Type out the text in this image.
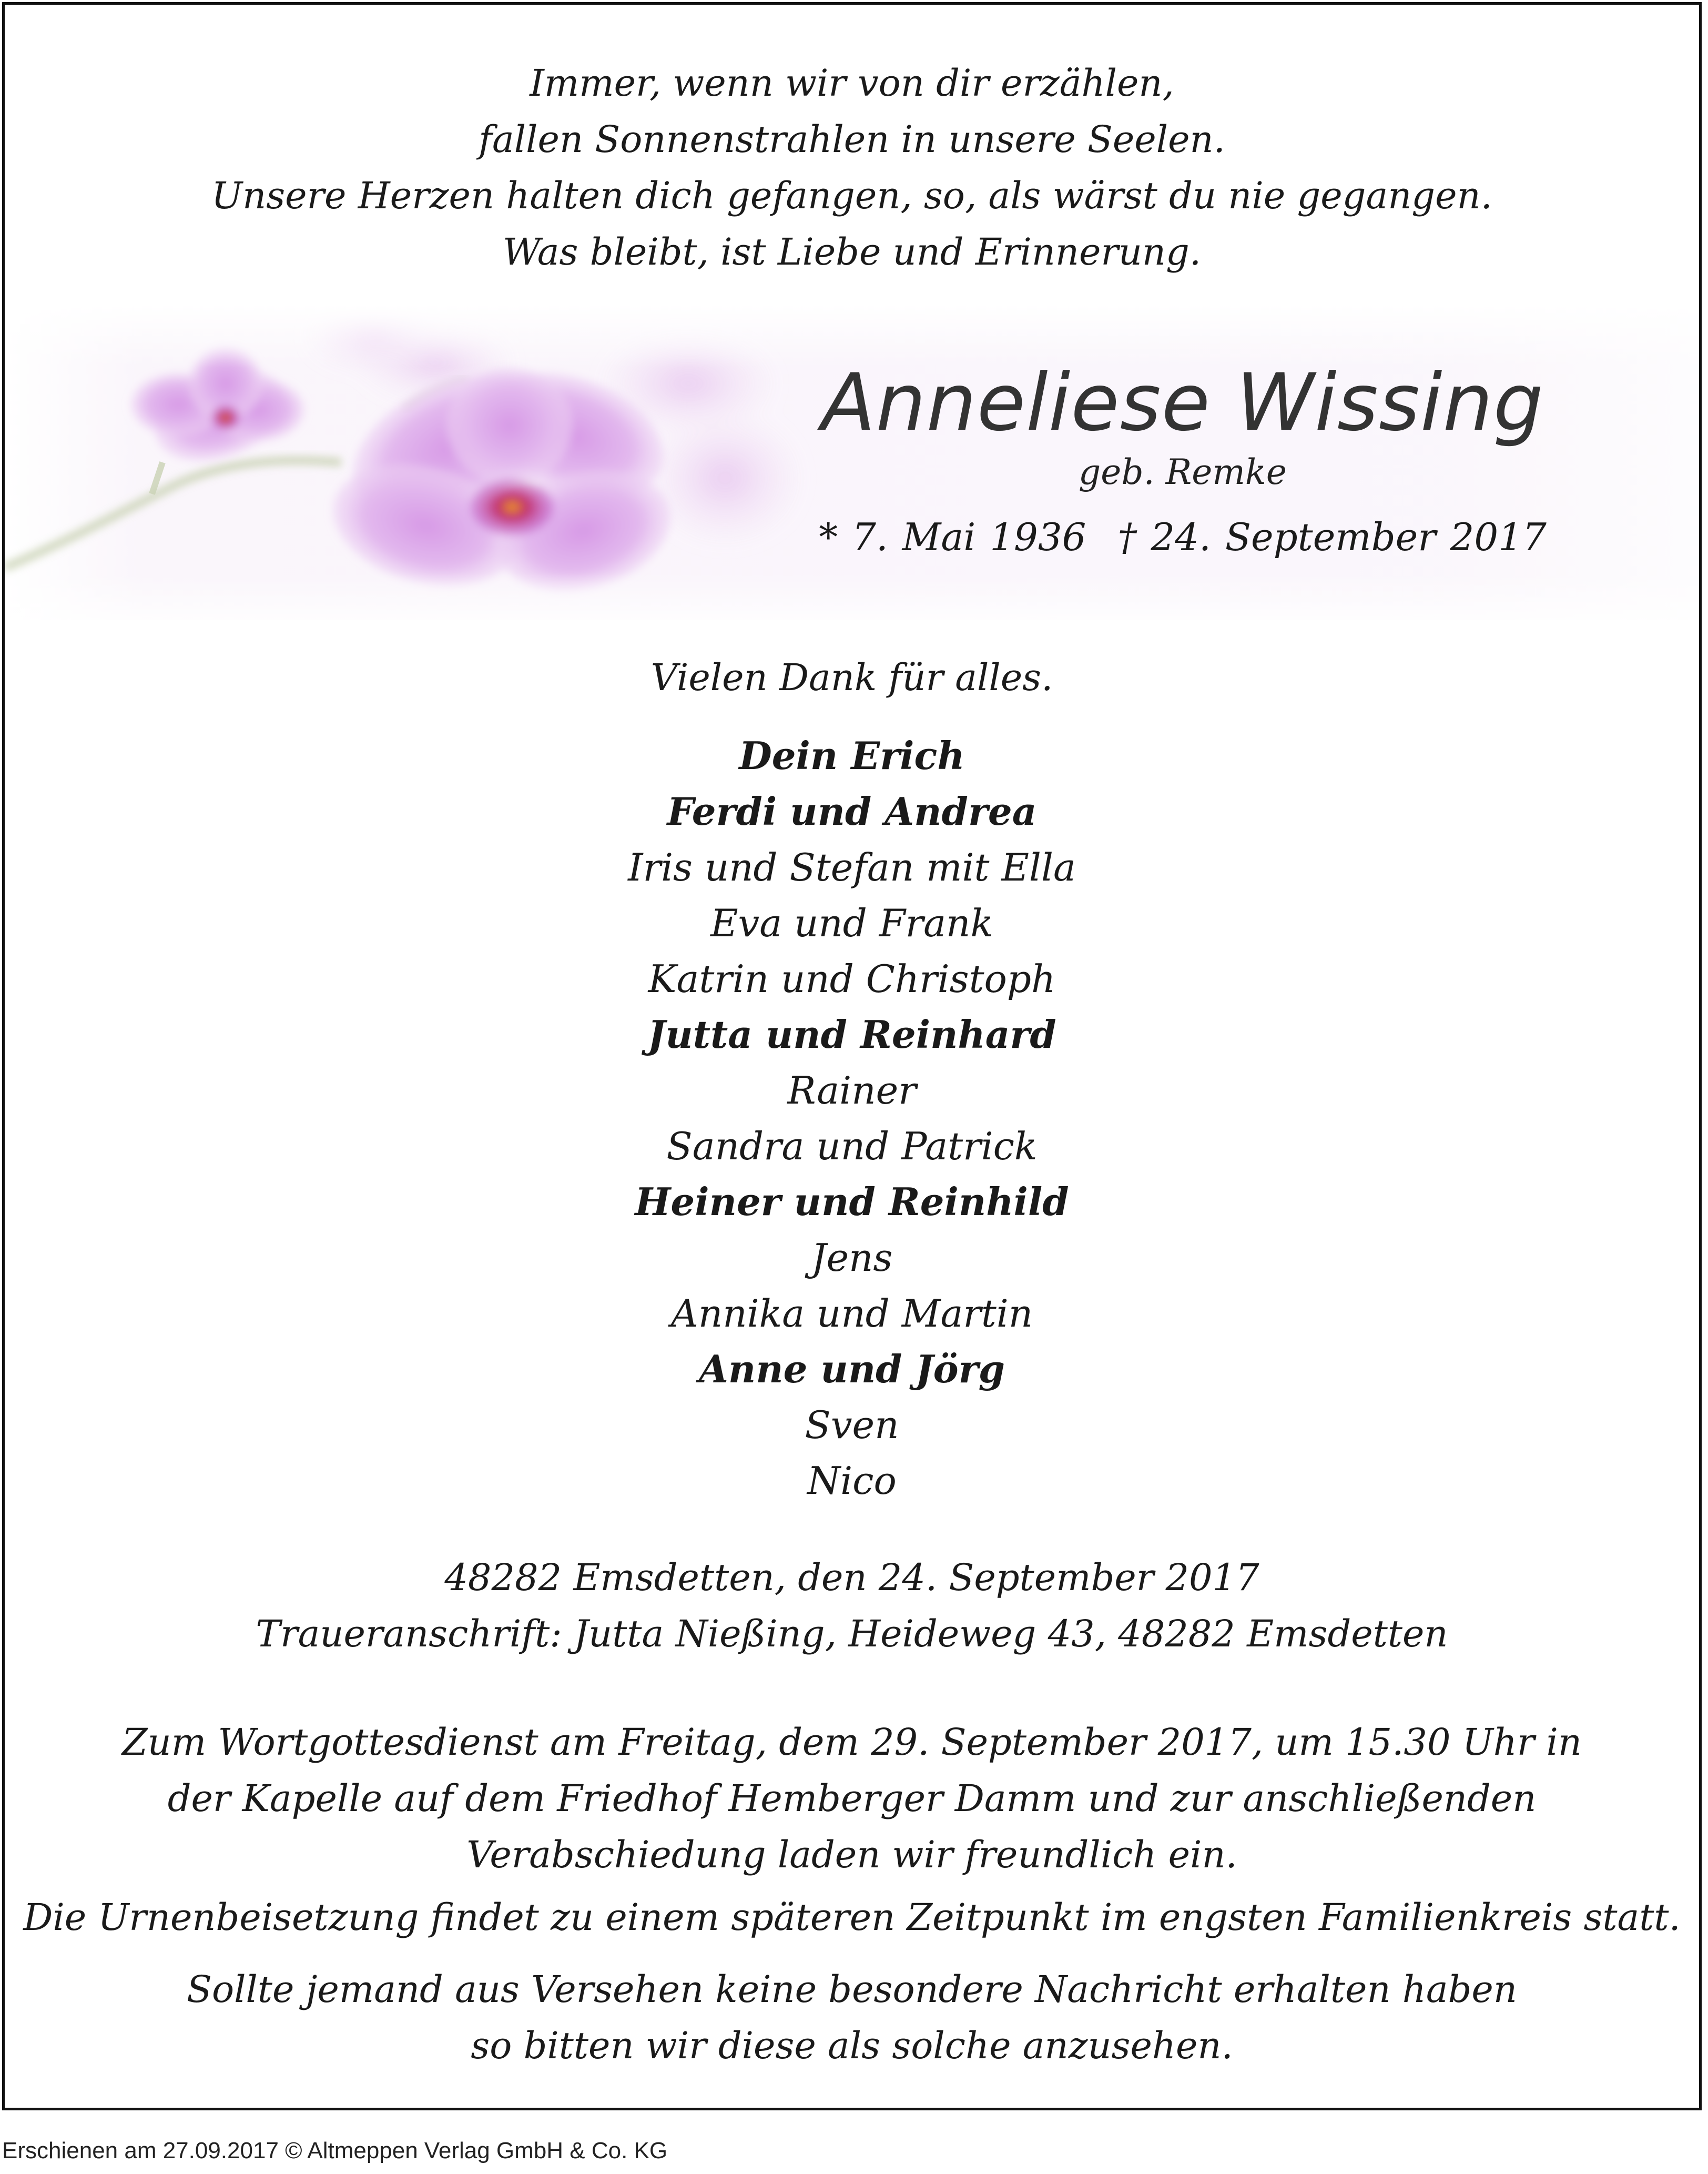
Immer, wenn wir von dir erzählen,
fallen Sonnenstrahlen in unsere Seelen.
Unsere Herzen halten dich gefangen, so, als wärst du nie gegangen.
Was bleibt, ist Liebe und Erinnerung.
Anneliese Wissing
geb. Remke
* 7. Mai 1936 † 24. September 2017
Vielen Dank für alles.
Dein Erich
Ferdi und Andrea
Iris und Stefan mit Ella
Eva und Frank
Katrin und Christoph
Jutta und Reinhard
Rainer
Sandra und Patrick
Heiner und Reinhild
Jens
Annika und Martin
Anne und Jörg
Sven
Nico
48282 Emsdetten, den 24. September 2017
Traueranschrift: Jutta Nießing, Heideweg 43, 48282 Emsdetten
Zum Wortgottesdienst am Freitag, dem 29. September 2017, um 15.30 Uhr in
der Kapelle auf dem Friedhof Hemberger Damm und zur anschließenden
Verabschiedung laden wir freundlich ein.
Die Urnenbeisetzung findet zu einem späteren Zeitpunkt im engsten Familienkreis statt.
Sollte jemand aus Versehen keine besondere Nachricht erhalten haben
so bitten wir diese als solche anzusehen.
Erschienen am 27.09.2017 © Altmeppen Verlag GmbH & Co. KG
